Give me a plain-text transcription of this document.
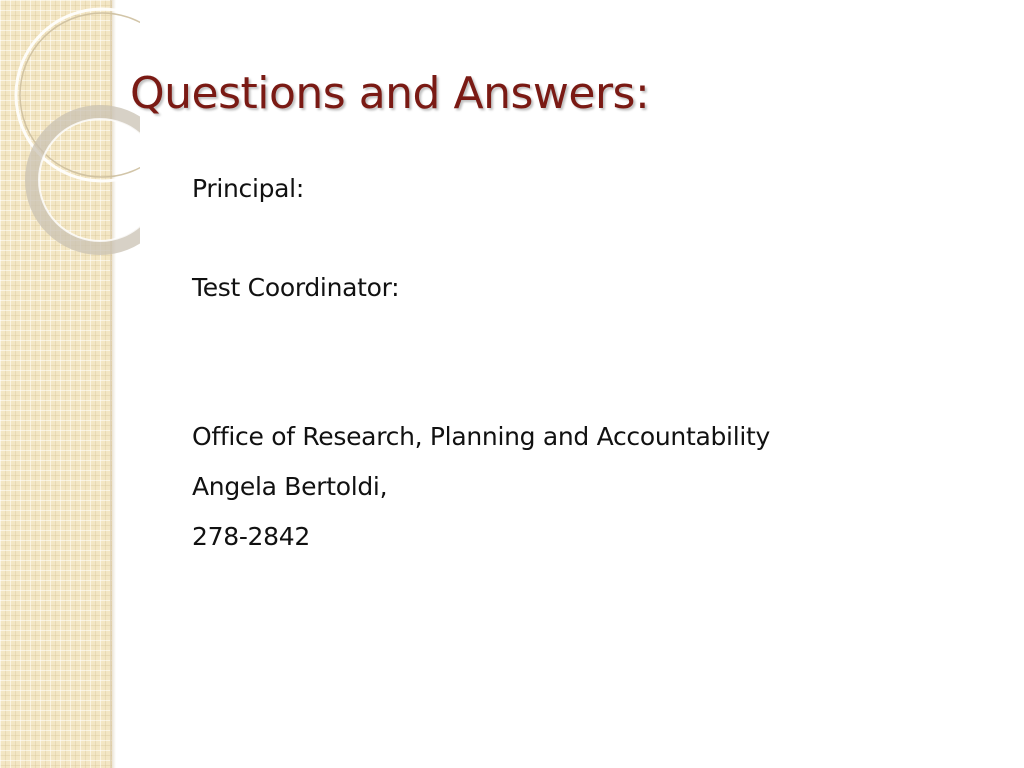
Questions and Answers:
Principal:
Test Coordinator:
Office of Research, Planning and Accountability
Angela Bertoldi,
278-2842
